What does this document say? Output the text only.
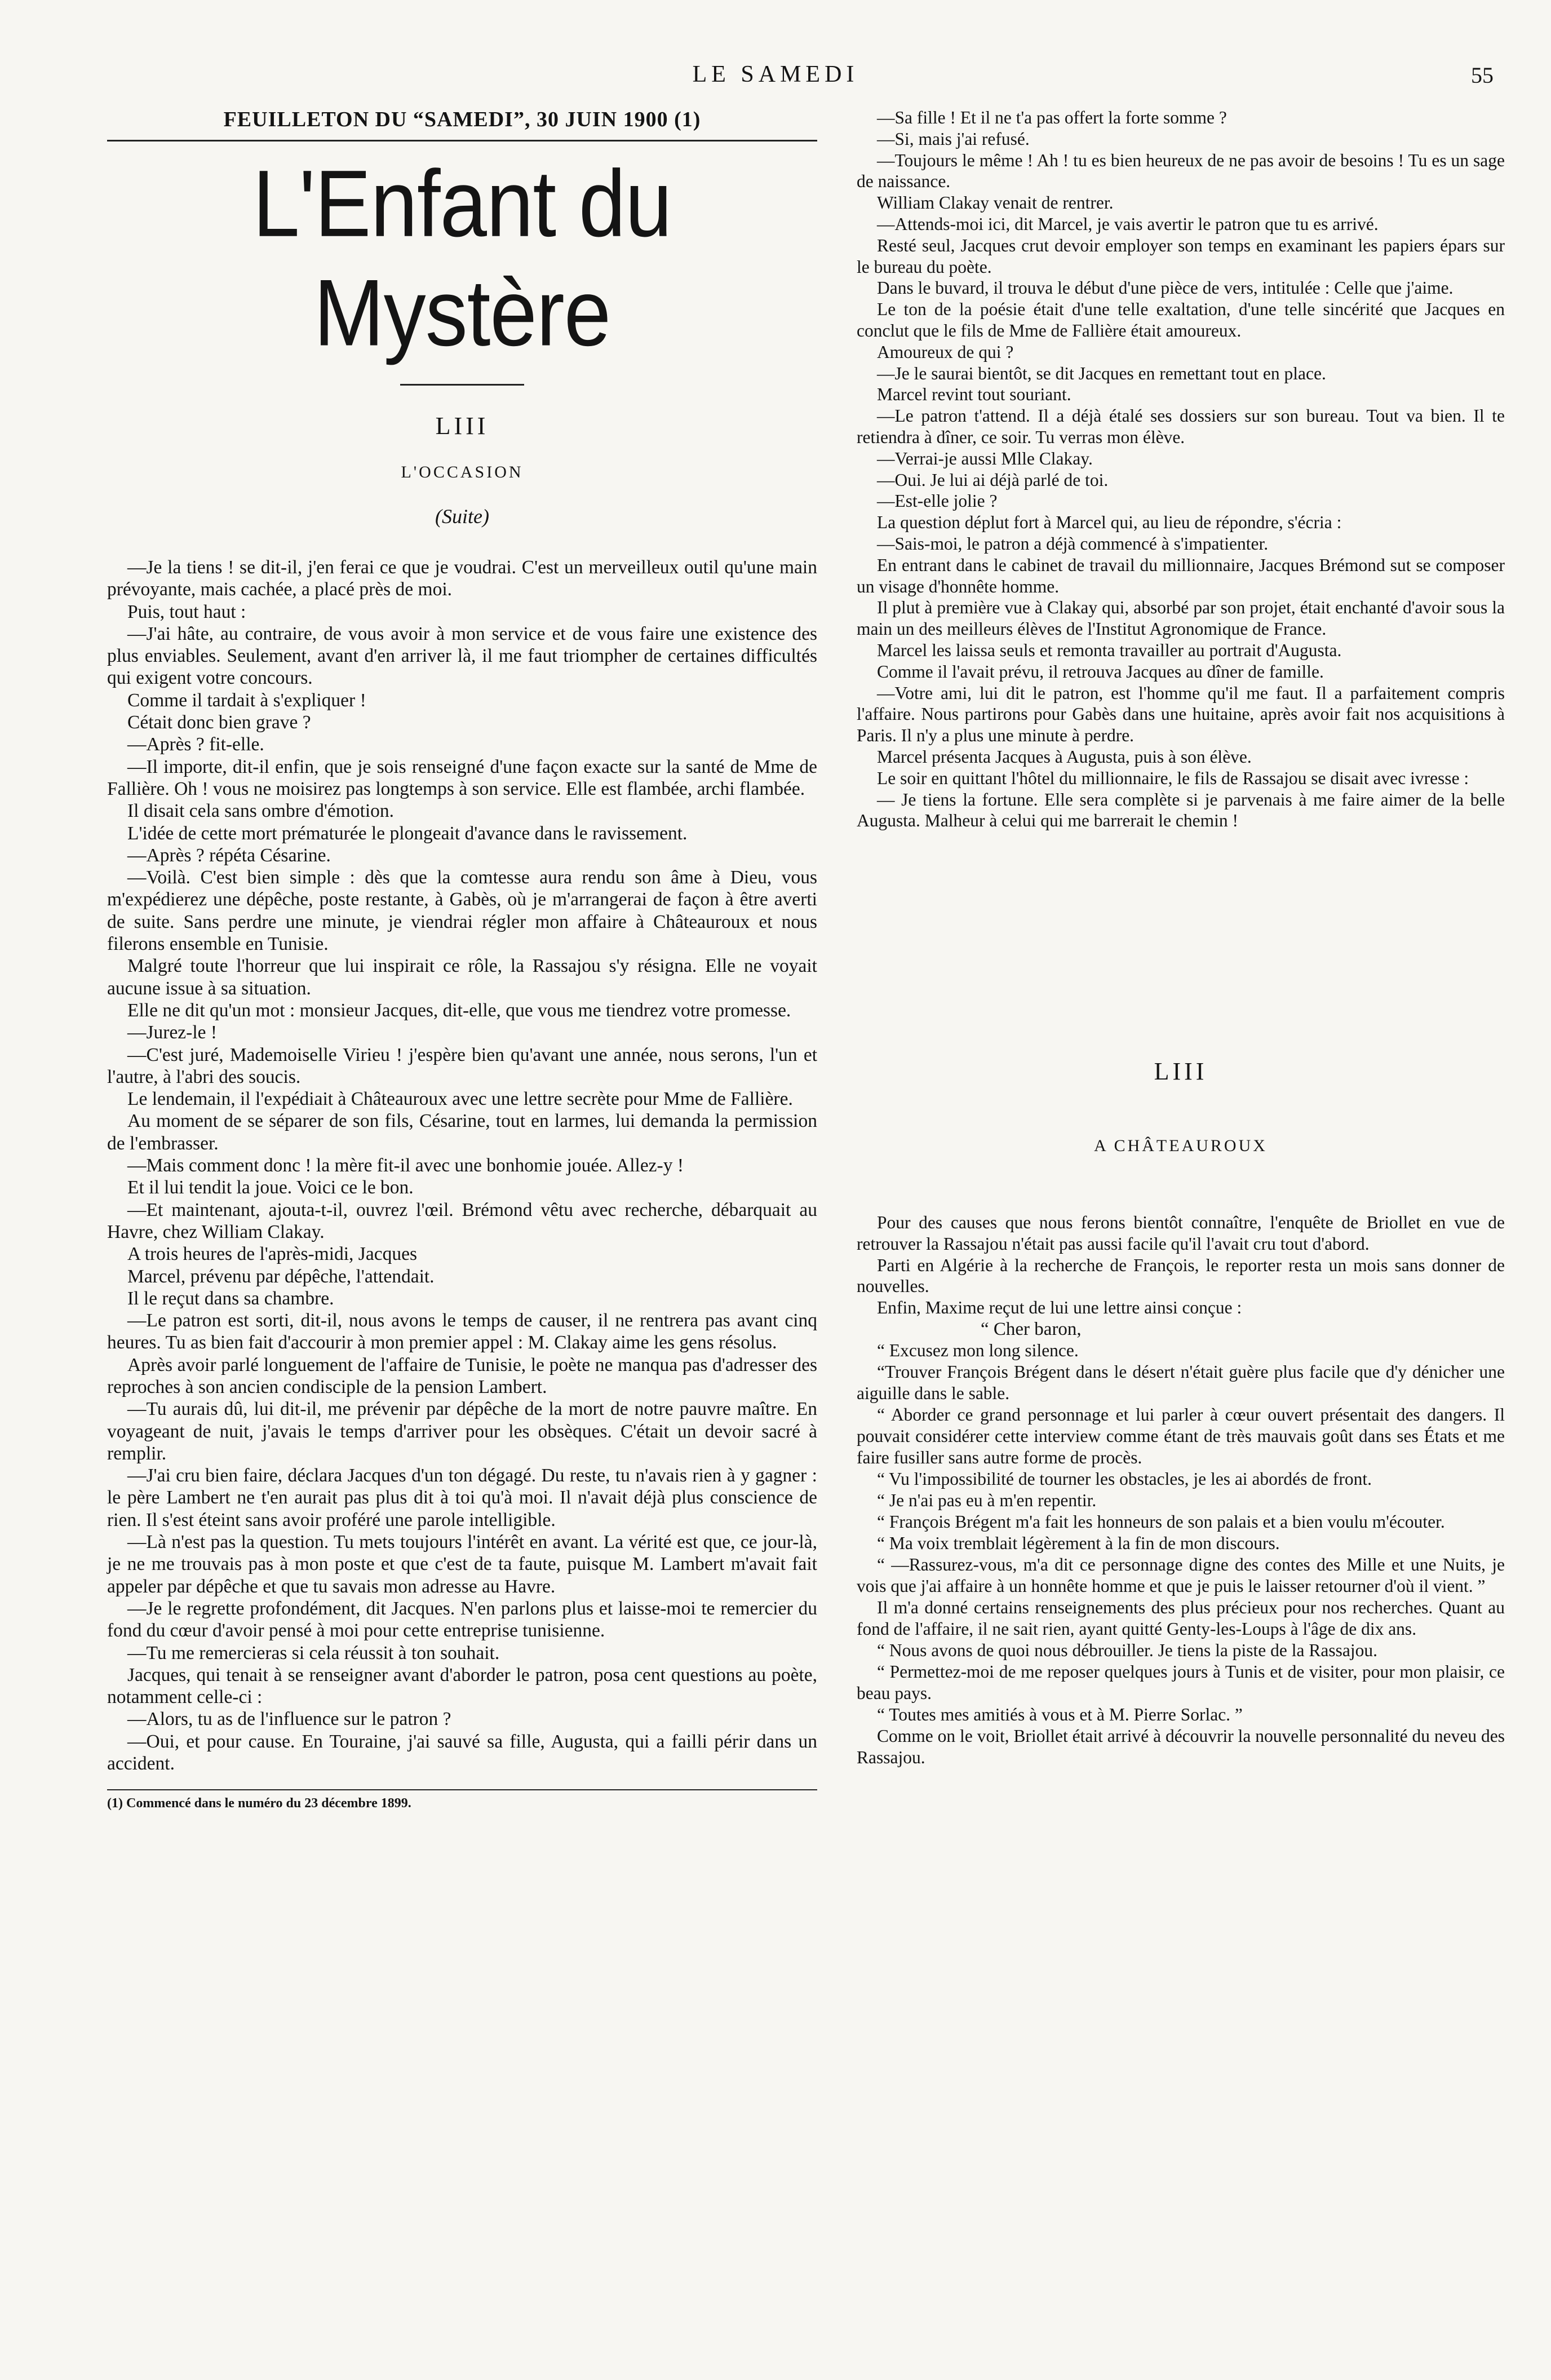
LE SAMEDI	55
FEUILLETON DU “SAMEDI”, 30 JUIN 1900 (1)
L'Enfant du Mystère
LIII
L'OCCASION
(Suite)

—Je la tiens ! se dit-il, j'en ferai ce que je voudrai. C'est un merveilleux outil qu'une main prévoyante, mais cachée, a placé près de moi.

Puis, tout haut :

—J'ai hâte, au contraire, de vous avoir à mon service et de vous faire une existence des plus enviables. Seulement, avant d'en arriver là, il me faut triompher de certaines difficultés qui exigent votre concours.

Comme il tardait à s'expliquer !

Cétait donc bien grave ?

—Après ? fit-elle.

—Il importe, dit-il enfin, que je sois renseigné d'une façon exacte sur la santé de Mme de Fallière. Oh ! vous ne moisirez pas longtemps à son service. Elle est flambée, archi flambée.

Il disait cela sans ombre d'émotion.

L'idée de cette mort prématurée le plongeait d'avance dans le ravissement.

—Après ? répéta Césarine.

—Voilà. C'est bien simple : dès que la comtesse aura rendu son âme à Dieu, vous m'expédierez une dépêche, poste restante, à Gabès, où je m'arrangerai de façon à être averti de suite. Sans perdre une minute, je viendrai régler mon affaire à Châteauroux et nous filerons ensemble en Tunisie.

Malgré toute l'horreur que lui inspirait ce rôle, la Rassajou s'y résigna. Elle ne voyait aucune issue à sa situation.

Elle ne dit qu'un mot : monsieur Jacques, dit-elle, que vous me tiendrez votre promesse.

—Jurez-le !

—C'est juré, Mademoiselle Virieu ! j'espère bien qu'avant une année, nous serons, l'un et l'autre, à l'abri des soucis.

Le lendemain, il l'expédiait à Châteauroux avec une lettre secrète pour Mme de Fallière.

Au moment de se séparer de son fils, Césarine, tout en larmes, lui demanda la permission de l'embrasser.

—Mais comment donc ! la mère fit-il avec une bonhomie jouée. Allez-y !

Et il lui tendit la joue. Voici ce le bon.

—Et maintenant, ajouta-t-il, ouvrez l'œil. Brémond vêtu avec recherche, débarquait au Havre, chez William Clakay.

A trois heures de l'après-midi, Jacques

Marcel, prévenu par dépêche, l'attendait.

Il le reçut dans sa chambre.

—Le patron est sorti, dit-il, nous avons le temps de causer, il ne rentrera pas avant cinq heures. Tu as bien fait d'accourir à mon premier appel : M. Clakay aime les gens résolus.

Après avoir parlé longuement de l'affaire de Tunisie, le poète ne manqua pas d'adresser des reproches à son ancien condisciple de la pension Lambert.

—Tu aurais dû, lui dit-il, me prévenir par dépêche de la mort de notre pauvre maître. En voyageant de nuit, j'avais le temps d'arriver pour les obsèques. C'était un devoir sacré à remplir.

—J'ai cru bien faire, déclara Jacques d'un ton dégagé. Du reste, tu n'avais rien à y gagner : le père Lambert ne t'en aurait pas plus dit à toi qu'à moi. Il n'avait déjà plus conscience de rien. Il s'est éteint sans avoir proféré une parole intelligible.

—Là n'est pas la question. Tu mets toujours l'intérêt en avant. La vérité est que, ce jour-là, je ne me trouvais pas à mon poste et que c'est de ta faute, puisque M. Lambert m'avait fait appeler par dépêche et que tu savais mon adresse au Havre.

—Je le regrette profondément, dit Jacques. N'en parlons plus et laisse-moi te remercier du fond du cœur d'avoir pensé à moi pour cette entreprise tunisienne.

—Tu me remercieras si cela réussit à ton souhait.

Jacques, qui tenait à se renseigner avant d'aborder le patron, posa cent questions au poète, notamment celle-ci :

—Alors, tu as de l'influence sur le patron ?

—Oui, et pour cause. En Touraine, j'ai sauvé sa fille, Augusta, qui a failli périr dans un accident.

(1) Commencé dans le numéro du 23 décembre 1899.

—Sa fille ! Et il ne t'a pas offert la forte somme ?

—Si, mais j'ai refusé.

—Toujours le même ! Ah ! tu es bien heureux de ne pas avoir de besoins ! Tu es un sage de naissance.

William Clakay venait de rentrer.

—Attends-moi ici, dit Marcel, je vais avertir le patron que tu es arrivé.

Resté seul, Jacques crut devoir employer son temps en examinant les papiers épars sur le bureau du poète.

Dans le buvard, il trouva le début d'une pièce de vers, intitulée : Celle que j'aime.

Le ton de la poésie était d'une telle exaltation, d'une telle sincérité que Jacques en conclut que le fils de Mme de Fallière était amoureux.

Amoureux de qui ?

—Je le saurai bientôt, se dit Jacques en remettant tout en place.

Marcel revint tout souriant.

—Le patron t'attend. Il a déjà étalé ses dossiers sur son bureau. Tout va bien. Il te retiendra à dîner, ce soir. Tu verras mon élève.

—Verrai-je aussi Mlle Clakay.

—Oui. Je lui ai déjà parlé de toi.

—Est-elle jolie ?

La question déplut fort à Marcel qui, au lieu de répondre, s'écria :

—Sais-moi, le patron a déjà commencé à s'impatienter.

En entrant dans le cabinet de travail du millionnaire, Jacques Brémond sut se composer un visage d'honnête homme.

Il plut à première vue à Clakay qui, absorbé par son projet, était enchanté d'avoir sous la main un des meilleurs élèves de l'Institut Agronomique de France.

Marcel les laissa seuls et remonta travailler au portrait d'Augusta.

Comme il l'avait prévu, il retrouva Jacques au dîner de famille.

—Votre ami, lui dit le patron, est l'homme qu'il me faut. Il a parfaitement compris l'affaire. Nous partirons pour Gabès dans une huitaine, après avoir fait nos acquisitions à Paris. Il n'y a plus une minute à perdre.

Marcel présenta Jacques à Augusta, puis à son élève.

Le soir en quittant l'hôtel du millionnaire, le fils de Rassajou se disait avec ivresse :

— Je tiens la fortune. Elle sera complète si je parvenais à me faire aimer de la belle Augusta. Malheur à celui qui me barrerait le chemin !

LIII
A CHÂTEAUROUX

Pour des causes que nous ferons bientôt connaître, l'enquête de Briollet en vue de retrouver la Rassajou n'était pas aussi facile qu'il l'avait cru tout d'abord.

Parti en Algérie à la recherche de François, le reporter resta un mois sans donner de nouvelles.

Enfin, Maxime reçut de lui une lettre ainsi conçue :

“ Cher baron,

“ Excusez mon long silence.

“Trouver François Brégent dans le désert n'était guère plus facile que d'y dénicher une aiguille dans le sable.

“ Aborder ce grand personnage et lui parler à cœur ouvert présentait des dangers. Il pouvait considérer cette interview comme étant de très mauvais goût dans ses États et me faire fusiller sans autre forme de procès.

“ Vu l'impossibilité de tourner les obstacles, je les ai abordés de front.

“ Je n'ai pas eu à m'en repentir.

“ François Brégent m'a fait les honneurs de son palais et a bien voulu m'écouter.

“ Ma voix tremblait légèrement à la fin de mon discours.

“ —Rassurez-vous, m'a dit ce personnage digne des contes des Mille et une Nuits, je vois que j'ai affaire à un honnête homme et que je puis le laisser retourner d'où il vient. ”

Il m'a donné certains renseignements des plus précieux pour nos recherches. Quant au fond de l'affaire, il ne sait rien, ayant quitté Genty-les-Loups à l'âge de dix ans.

“ Nous avons de quoi nous débrouiller. Je tiens la piste de la Rassajou.

“ Permettez-moi de me reposer quelques jours à Tunis et de visiter, pour mon plaisir, ce beau pays.

“ Toutes mes amitiés à vous et à M. Pierre Sorlac. ”

Comme on le voit, Briollet était arrivé à découvrir la nouvelle personnalité du neveu des Rassajou.
